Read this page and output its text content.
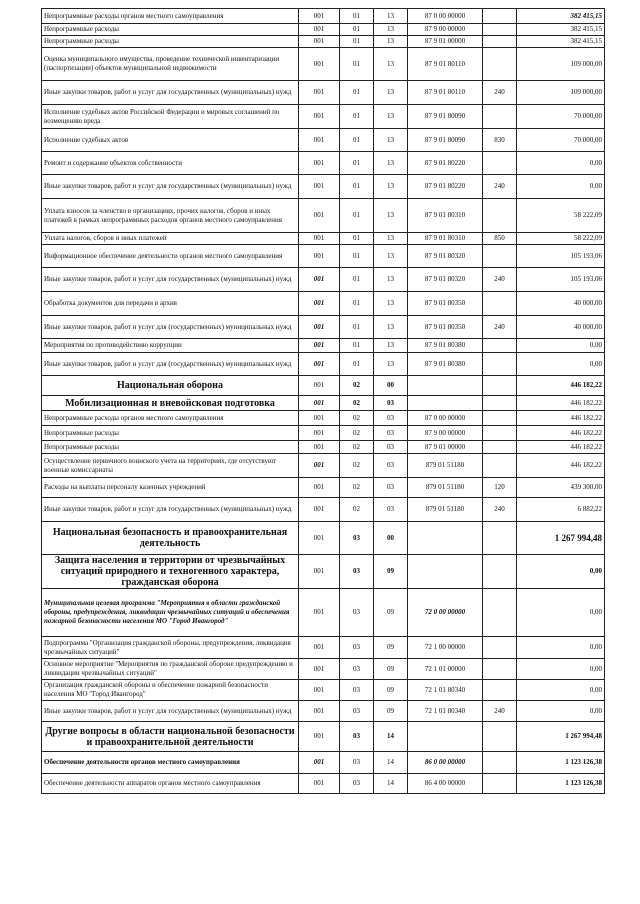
Непрограммные расходы органов местного самоуправления	001	01	13	87 0 00 00000		382 415,15
Непрограммные расходы	001	01	13	87 9 00 00000		382 415,15
Непрограммные расходы	001	01	13	87 9 01 00000		382 415,15
Оценка муниципального имущества, проведение технической инвентаризации (паспортизации) объектов муниципальной недвижимости	001	01	13	87 9 01 80110		109 000,00
Иные закупки товаров, работ и услуг для государственных (муниципальных) нужд	001	01	13	87 9 01 80110	240	109 000,00
Исполнение судебных актов Российской Федерации и мировых соглашений по возмещению вреда	001	01	13	87 9 01 80090		70 000,00
Исполнение судебных актов	001	01	13	87 9 01 80090	830	70 000,00
Ремонт и содержание объектов собственности	001	01	13	87 9 01 80220		0,00
Иные закупки товаров, работ и услуг для государственных (муниципальных) нужд	001	01	13	87 9 01 80220	240	0,00
Уплата взносов за членство в организациях, прочих налогов, сборов и иных платежей в рамках непрограммных расходов органов местного самоуправления	001	01	13	87 9 01 80310		58 222,09
Уплата налогов, сборов и иных платежей	001	01	13	87 9 01 80310	850	58 222,09
Информационное обеспечение деятельности органов местного самоуправления	001	01	13	87 9 01 80320		105 193,06
Иные закупки товаров, работ и услуг для государственных (муниципальных) нужд	001	01	13	87 9 01 80320	240	105 193,06
Обработка документов для передачи в архив	001	01	13	87 9 01 80350		40 000,00
Иные закупки товаров, работ и услуг для (государственных) муниципальных нужд	001	01	13	87 9 01 80350	240	40 000,00
Мероприятия по противодействию коррупции	001	01	13	87 9 01 80380		0,00
Иные закупки товаров, работ и услуг для (государственных) муниципальных нужд	001	01	13	87 9 01 80380		0,00
Национальная оборона	001	02	00			446 182,22
Мобилизационная и вневойсковая подготовка	001	02	03			446 182,22
Непрограммные расходы органов местного самоуправления	001	02	03	87 0 00 00000		446 182,22
Непрограммные расходы	001	02	03	87 9 00 00000		446 182,22
Непрограммные расходы	001	02	03	87 9 01 00000		446 182,22
Осуществление первичного воинского учета на территориях, где отсутствуют военные комиссариаты	001	02	03	879 01 51180		446 182,22
Расходы на выплаты персоналу казенных учреждений	001	02	03	879 01 51180	120	439 300,00
Иные закупки товаров, работ и услуг для государственных (муниципальных) нужд	001	02	03	879 01 51180	240	6 882,22
Национальная безопасность и правоохранительная деятельность	001	03	00			1 267 994,48
Защита населения и территории от чрезвычайных ситуаций природного и техногенного характера, гражданская оборона	001	03	09			0,00
Муниципальная целевая программа "Мероприятия в области гражданской обороны, предупреждения, ликвидации чрезвычайных ситуаций и обеспечения пожарной безопасности населения МО "Город Ивангород"	001	03	09	72 0 00 00000		0,00
Подпрограмма "Организация гражданской обороны, предупреждения, ликвидация чрезвычайных ситуаций"	001	03	09	72 1 00 00000		0,00
Основное мероприятие "Мероприятия по гражданской обороне предупреждению и ликвидации чрезвычайных ситуаций"	001	03	09	72 1 01 00000		0,00
Организация гражданской обороны и обеспечение пожарной безопасности населения МО "Город Ивангород"	001	03	09	72 1 01 80340		0,00
Иные закупки товаров, работ и услуг для государственных (муниципальных) нужд	001	03	09	72 1 01 80340	240	0,00
Другие вопросы в области национальной безопасности и правоохранительной деятельности	001	03	14			1 267 994,48
Обеспечение деятельности органов местного самоуправления	001	03	14	86 0 00 00000		1 123 126,38
Обеспечение деятельности аппаратов органов местного самоуправления	001	03	14	86 4 00 00000		1 123 126,38
